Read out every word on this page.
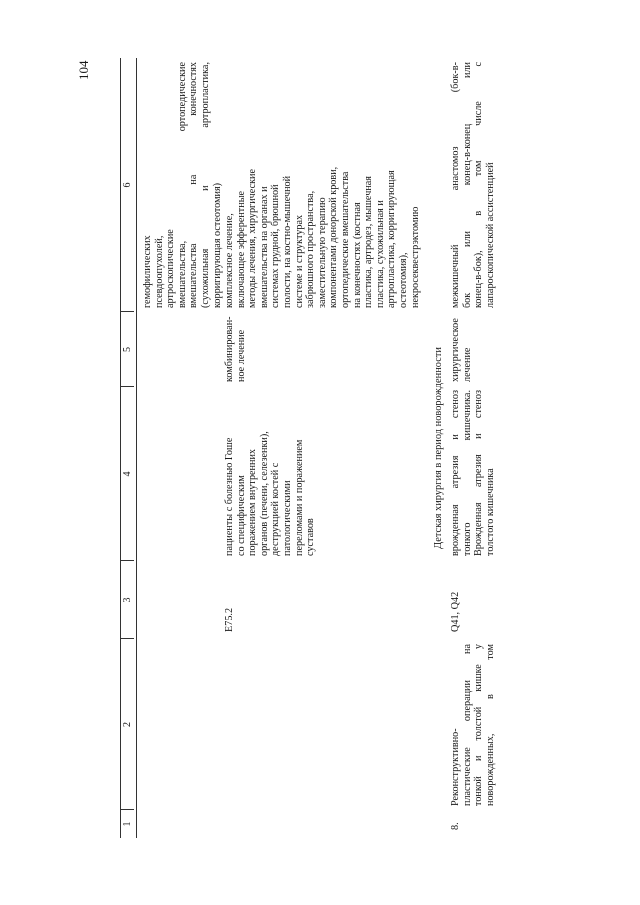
104
1
2
3
4
5
6
гемофилических псевдоопухолей, артроскопические вмешательства, ортопедические вмешательства на конечностях (сухожильная и артропластика, корригирующая остеотомия)
E75.2
пациенты с болезнью Гоше со специфическим поражением внутренних органов (печени, селезенки), деструкцией костей с патологическими переломами и поражением суставов
комбинирован- ное лечение
комплексное лечение, включающее эфферентные методы лечения, хирургические вмешательства на органах и системах грудной, брюшной полости, на костно-мышечной системе и структурах забрюшного пространства, заместительную терапию компонентами донорской крови, ортопедические вмешательства на конечностях (костная пластика, артродез, мышечная пластика, сухожильная и артропластика, корригирующая остеотомия), некросеквестрэктомию
Детская хирургия в период новорожденности
8.
Реконструктивно- пластические операции на тонкой и толстой кишке у новорожденных, в том
Q41, Q42
врожденная атрезия и стеноз тонкого кишечника. Врожденная атрезия и стеноз толстого кишечника
хирургическое лечение
межкишечный анастомоз (бок-в- бок или конец-в-конец или конец-в-бок), в том числе с лапароскопической ассистенцией
